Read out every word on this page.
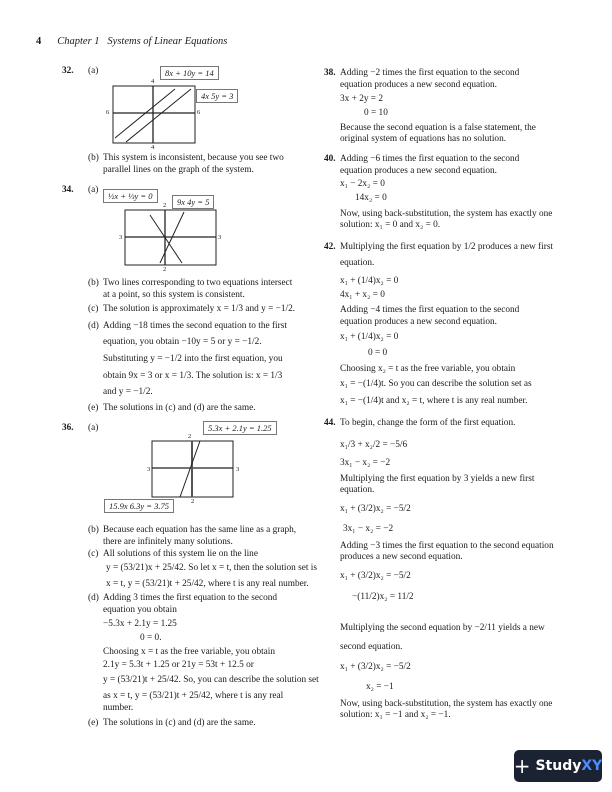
4 Chapter 1 Systems of Linear Equations
32. (a)
4
4
6	6
8x + 10y = 14
4x 5y = 3
(b) This system is inconsistent, because you see two
parallel lines on the graph of the system.
34. (a)
2
2
3	3
½x + ⅓y = 0
9x 4y = 5
(b) Two lines corresponding to two equations intersect
at a point, so this system is consistent.
(c) The solution is approximately x = 1/3 and y = −1/2.
(d) Adding −18 times the second equation to the first
equation, you obtain −10y = 5 or y = −1/2.
Substituting y = −1/2 into the first equation, you
obtain 9x = 3 or x = 1/3. The solution is: x = 1/3
and y = −1/2.
(e) The solutions in (c) and (d) are the same.
36. (a)
2
2
3	3
5.3x + 2.1y = 1.25
15.9x 6.3y = 3.75
(b) Because each equation has the same line as a graph,
there are infinitely many solutions.
(c) All solutions of this system lie on the line
y = (53/21)x + 25/42. So let x = t, then the solution set is
x = t, y = (53/21)t + 25/42, where t is any real number.
(d) Adding 3 times the first equation to the second
equation you obtain
−5.3x + 2.1y = 1.25
0 = 0.
Choosing x = t as the free variable, you obtain
2.1y = 5.3t + 1.25 or 21y = 53t + 12.5 or
y = (53/21)t + 25/42. So, you can describe the solution set
as x = t, y = (53/21)t + 25/42, where t is any real
number.
(e) The solutions in (c) and (d) are the same.
38. Adding −2 times the first equation to the second
equation produces a new second equation.
3x + 2y = 2
0 = 10
Because the second equation is a false statement, the
original system of equations has no solution.
40. Adding −6 times the first equation to the second
equation produces a new second equation.
x₁ − 2x₂ = 0
14x₂ = 0
Now, using back-substitution, the system has exactly one
solution: x₁ = 0 and x₂ = 0.
42. Multiplying the first equation by 1/2 produces a new first
equation.
x₁ + (1/4)x₂ = 0
4x₁ + x₂ = 0
Adding −4 times the first equation to the second
equation produces a new second equation.
x₁ + (1/4)x₂ = 0
0 = 0
Choosing x₂ = t as the free variable, you obtain
x₁ = −(1/4)t. So you can describe the solution set as
x₁ = −(1/4)t and x₂ = t, where t is any real number.
44. To begin, change the form of the first equation.
x₁/3 + x₂/2 = −5/6
3x₁ − x₂ = −2
Multiplying the first equation by 3 yields a new first
equation.
x₁ + (3/2)x₂ = −5/2
3x₁ − x₂ = −2
Adding −3 times the first equation to the second equation
produces a new second equation.
x₁ + (3/2)x₂ = −5/2
−(11/2)x₂ = 11/2
Multiplying the second equation by −2/11 yields a new
second equation.
x₁ + (3/2)x₂ = −5/2
x₂ = −1
Now, using back-substitution, the system has exactly one
solution: x₁ = −1 and x₂ = −1.
+ Study XY
